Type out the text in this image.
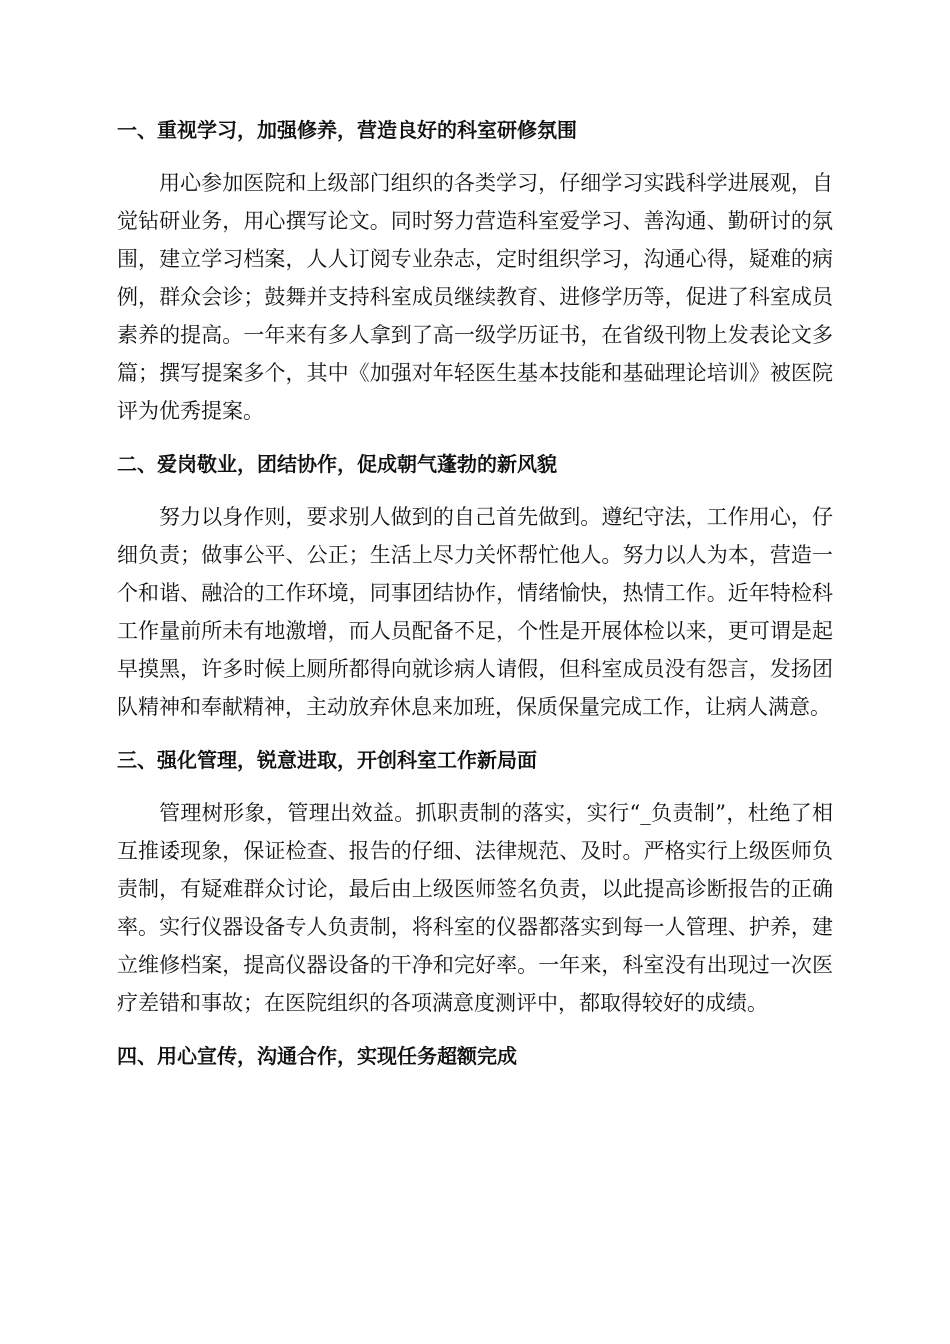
一、重视学习，加强修养，营造良好的科室研修氛围

用心参加医院和上级部门组织的各类学习，仔细学习实践科学进展观，自觉钻研业务，用心撰写论文。同时努力营造科室爱学习、善沟通、勤研讨的氛围，建立学习档案，人人订阅专业杂志，定时组织学习，沟通心得，疑难的病例，群众会诊；鼓舞并支持科室成员继续教育、进修学历等，促进了科室成员素养的提高。一年来有多人拿到了高一级学历证书，在省级刊物上发表论文多篇；撰写提案多个，其中《加强对年轻医生基本技能和基础理论培训》被医院评为优秀提案。

二、爱岗敬业，团结协作，促成朝气蓬勃的新风貌

努力以身作则，要求别人做到的自己首先做到。遵纪守法，工作用心，仔细负责；做事公平、公正；生活上尽力关怀帮忙他人。努力以人为本，营造一个和谐、融洽的工作环境，同事团结协作，情绪愉快，热情工作。近年特检科工作量前所未有地激增，而人员配备不足，个性是开展体检以来，更可谓是起早摸黑，许多时候上厕所都得向就诊病人请假，但科室成员没有怨言，发扬团队精神和奉献精神，主动放弃休息来加班，保质保量完成工作，让病人满意。

三、强化管理，锐意进取，开创科室工作新局面

管理树形象，管理出效益。抓职责制的落实，实行“_负责制”，杜绝了相互推诿现象，保证检查、报告的仔细、法律规范、及时。严格实行上级医师负责制，有疑难群众讨论，最后由上级医师签名负责，以此提高诊断报告的正确率。实行仪器设备专人负责制，将科室的仪器都落实到每一人管理、护养，建立维修档案，提高仪器设备的干净和完好率。一年来，科室没有出现过一次医疗差错和事故；在医院组织的各项满意度测评中，都取得较好的成绩。

四、用心宣传，沟通合作，实现任务超额完成
